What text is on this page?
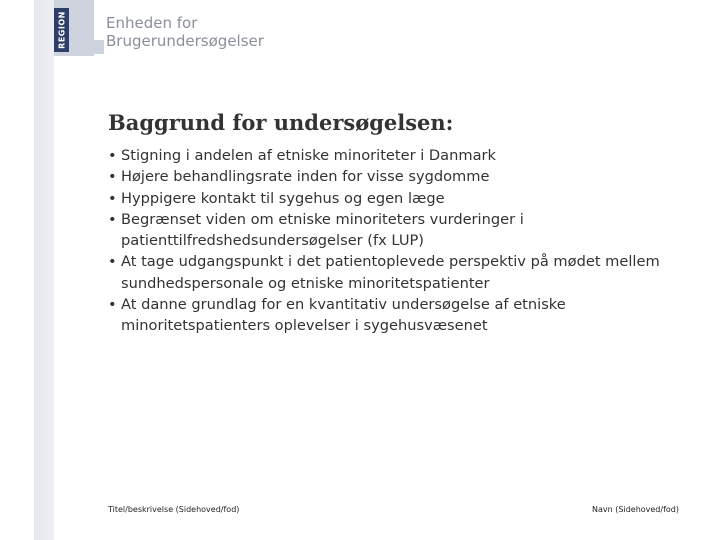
REGION	Enheden for
Brugerundersøgelser
Baggrund for undersøgelsen:
• Stigning i andelen af etniske minoriteter i Danmark
• Højere behandlingsrate inden for visse sygdomme
• Hyppigere kontakt til sygehus og egen læge
• Begrænset viden om etniske minoriteters vurderinger i patienttilfredshedsundersøgelser (fx LUP)
• At tage udgangspunkt i det patientoplevede perspektiv på mødet mellem sundhedspersonale og etniske minoritetspatienter
• At danne grundlag for en kvantitativ undersøgelse af etniske minoritetspatienters oplevelser i sygehusvæsenet
Titel/beskrivelse (Sidehoved/fod)	Navn (Sidehoved/fod)
